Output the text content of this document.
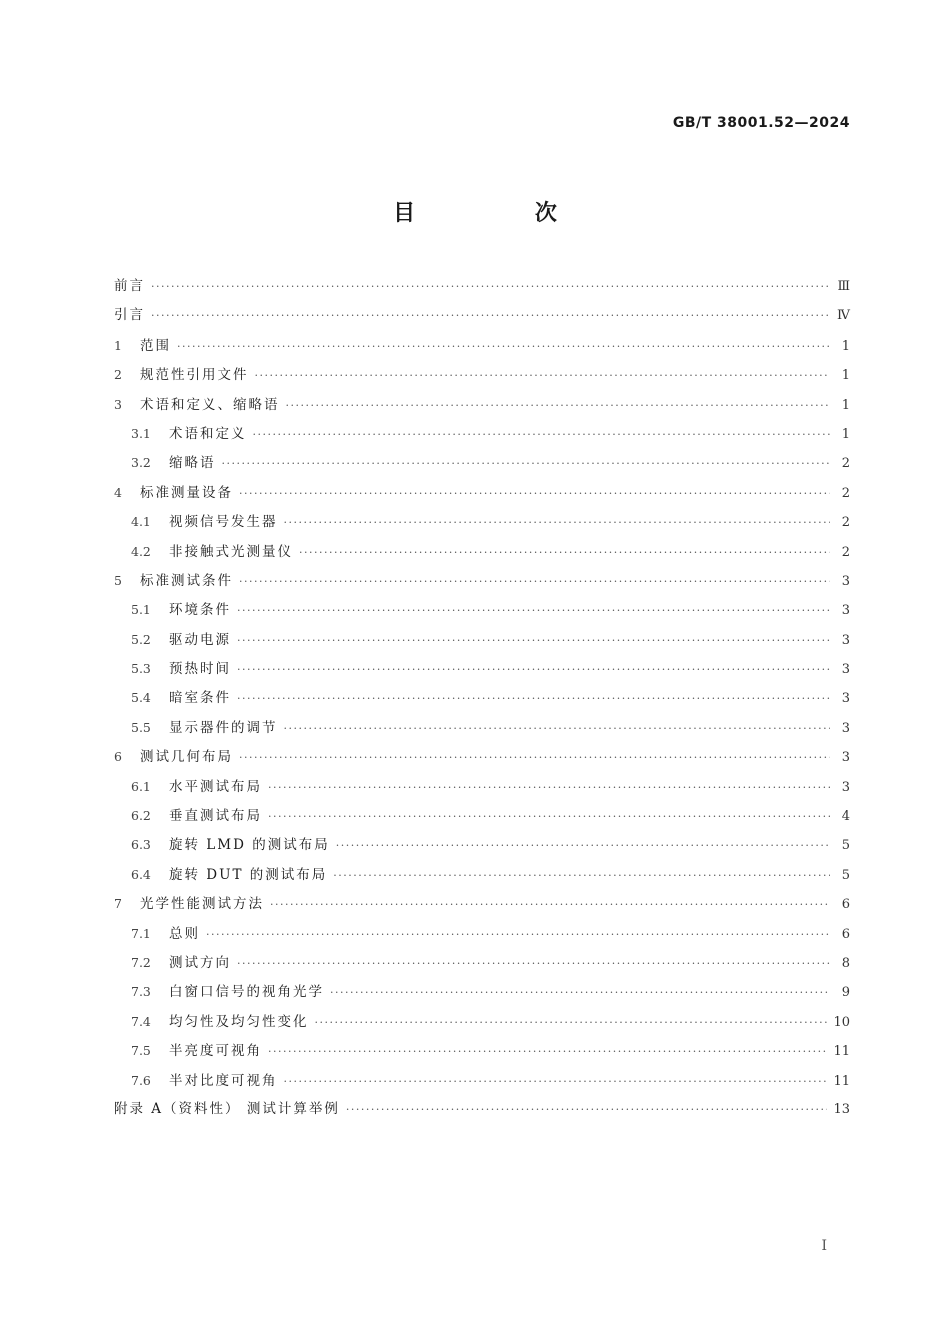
GB/T 38001.52—2024
目 次
前言 ·····	Ⅲ
引言 ·····	Ⅳ
1	范围 ·····	1
2	规范性引用文件 ·····	1
3	术语和定义、缩略语 ·····	1
3.1	术语和定义 ·····	1
3.2	缩略语 ·····	2
4	标准测量设备 ·····	2
4.1	视频信号发生器 ·····	2
4.2	非接触式光测量仪 ·····	2
5	标准测试条件 ·····	3
5.1	环境条件 ·····	3
5.2	驱动电源 ·····	3
5.3	预热时间 ·····	3
5.4	暗室条件 ·····	3
5.5	显示器件的调节 ·····	3
6	测试几何布局 ·····	3
6.1	水平测试布局 ·····	3
6.2	垂直测试布局 ·····	4
6.3	旋转 LMD 的测试布局 ·····	5
6.4	旋转 DUT 的测试布局 ·····	5
7	光学性能测试方法 ·····	6
7.1	总则 ·····	6
7.2	测试方向 ·····	8
7.3	白窗口信号的视角光学 ·····	9
7.4	均匀性及均匀性变化 ·····	10
7.5	半亮度可视角 ·····	11
7.6	半对比度可视角 ·····	11
附录 A（资料性） 测试计算举例 ·····	13
Ⅰ
